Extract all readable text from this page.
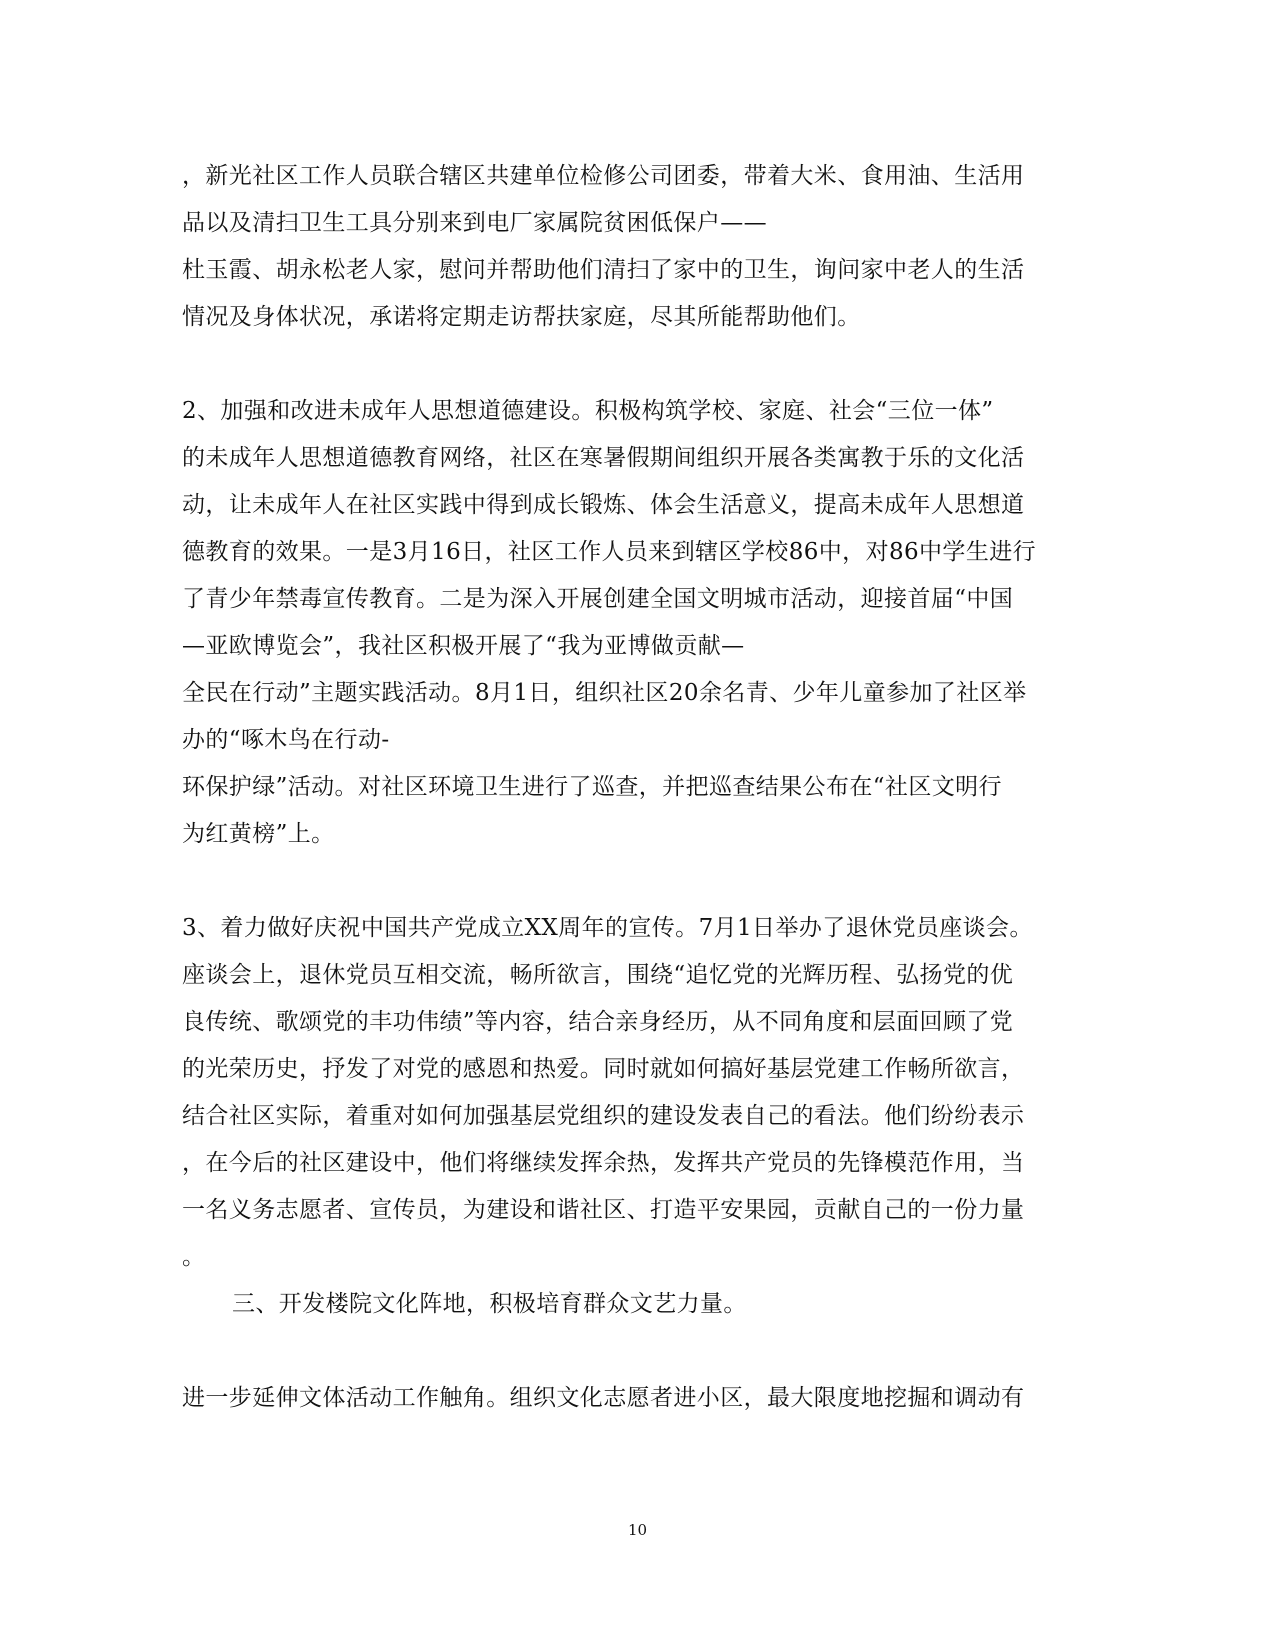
，新光社区工作人员联合辖区共建单位检修公司团委，带着大米、食用油、生活用
品以及清扫卫生工具分别来到电厂家属院贫困低保户——
杜玉霞、胡永松老人家，慰问并帮助他们清扫了家中的卫生，询问家中老人的生活
情况及身体状况，承诺将定期走访帮扶家庭，尽其所能帮助他们。
2、加强和改进未成年人思想道德建设。积极构筑学校、家庭、社会“三位一体”
的未成年人思想道德教育网络，社区在寒暑假期间组织开展各类寓教于乐的文化活
动，让未成年人在社区实践中得到成长锻炼、体会生活意义，提高未成年人思想道
德教育的效果。一是3月16日，社区工作人员来到辖区学校86中，对86中学生进行
了青少年禁毒宣传教育。二是为深入开展创建全国文明城市活动，迎接首届“中国
—亚欧博览会”，我社区积极开展了“我为亚博做贡献—
全民在行动”主题实践活动。8月1日，组织社区20余名青、少年儿童参加了社区举
办的“啄木鸟在行动-
环保护绿”活动。对社区环境卫生进行了巡查，并把巡查结果公布在“社区文明行
为红黄榜”上。
3、着力做好庆祝中国共产党成立XX周年的宣传。7月1日举办了退休党员座谈会。
座谈会上，退休党员互相交流，畅所欲言，围绕“追忆党的光辉历程、弘扬党的优
良传统、歌颂党的丰功伟绩”等内容，结合亲身经历，从不同角度和层面回顾了党
的光荣历史，抒发了对党的感恩和热爱。同时就如何搞好基层党建工作畅所欲言，
结合社区实际，着重对如何加强基层党组织的建设发表自己的看法。他们纷纷表示
，在今后的社区建设中，他们将继续发挥余热，发挥共产党员的先锋模范作用，当
一名义务志愿者、宣传员，为建设和谐社区、打造平安果园，贡献自己的一份力量
。
三、开发楼院文化阵地，积极培育群众文艺力量。
进一步延伸文体活动工作触角。组织文化志愿者进小区，最大限度地挖掘和调动有
10
